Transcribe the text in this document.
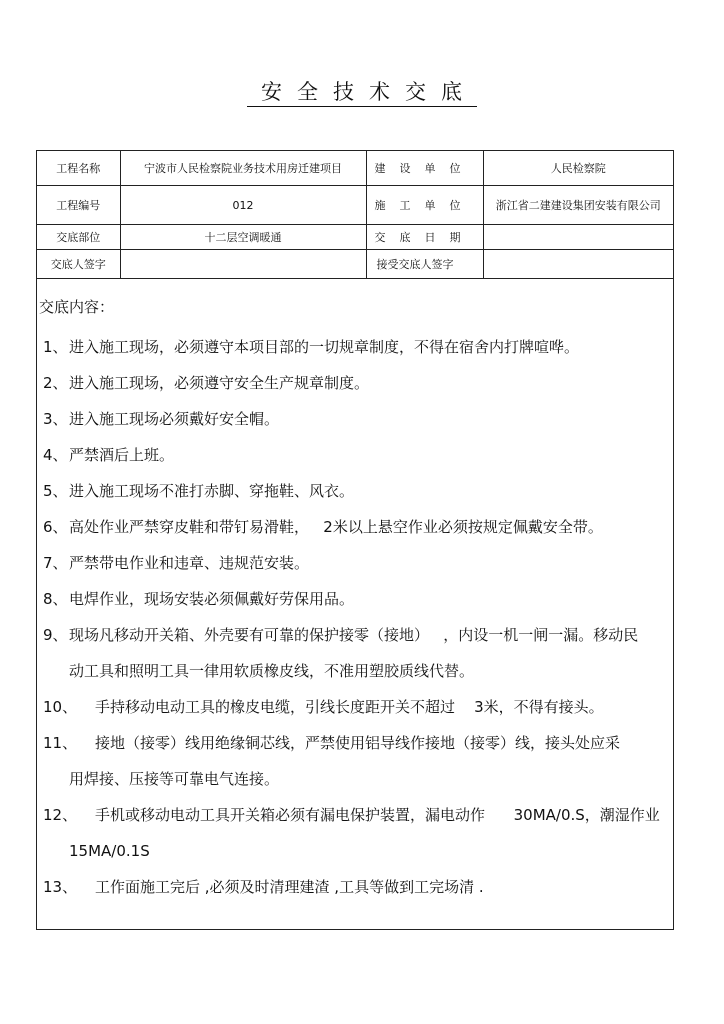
安全技术交底
工程名称	宁波市人民检察院业务技术用房迁建项目	建设单位	人民检察院
工程编号	012	施工单位	浙江省二建建设集团安装有限公司
交底部位	十二层空调暖通	交底日期	
交底人签字		接受交底人签字	
交底内容：
1、进入施工现场，必须遵守本项目部的一切规章制度，不得在宿舍内打牌喧哗。
2、进入施工现场，必须遵守安全生产规章制度。
3、进入施工现场必须戴好安全帽。
4、严禁酒后上班。
5、进入施工现场不准打赤脚、穿拖鞋、风衣。
6、高处作业严禁穿皮鞋和带钉易滑鞋，   2米以上悬空作业必须按规定佩戴安全带。
7、严禁带电作业和违章、违规范安装。
8、电焊作业，现场安装必须佩戴好劳保用品。
9、现场凡移动开关箱、外壳要有可靠的保护接零（接地）   ，内设一机一闸一漏。移动民
动工具和照明工具一律用软质橡皮线，不准用塑胶质线代替。
10、 手持移动电动工具的橡皮电缆，引线长度距开关不超过    3米，不得有接头。
11、 接地（接零）线用绝缘铜芯线，严禁使用铝导线作接地（接零）线，接头处应采
用焊接、压接等可靠电气连接。
12、 手机或移动电动工具开关箱必须有漏电保护装置，漏电动作      30MA/0.S，潮湿作业
15MA/0.1S
13、 工作面施工完后 ,必须及时清理建渣 ,工具等做到工完场清 .
